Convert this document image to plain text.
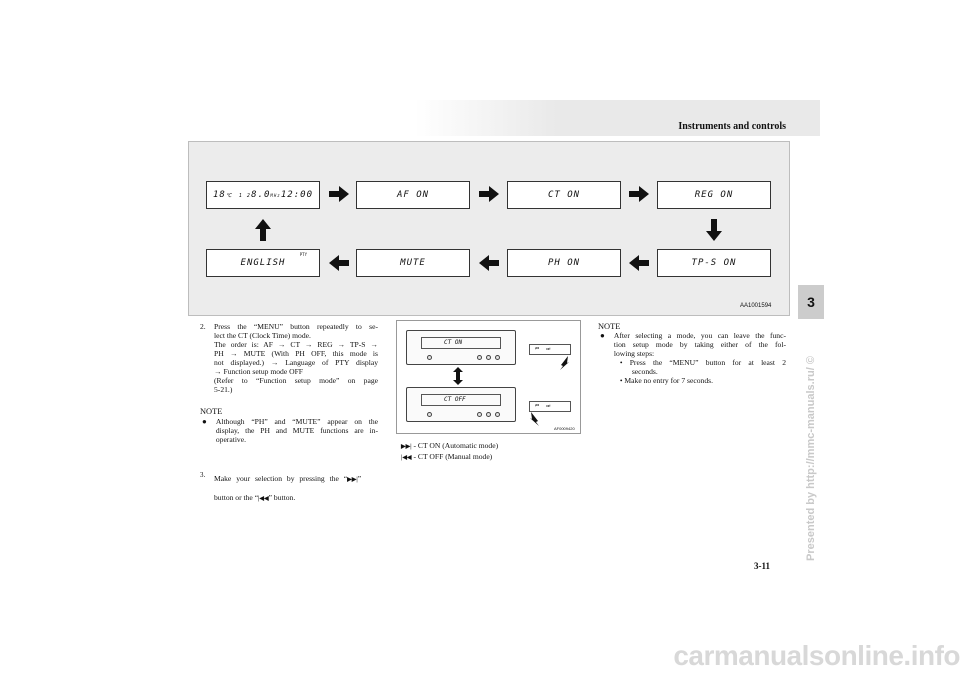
Instruments and controls
18℃ 1 2 8.0MHz 12:00	AF ON	CT ON	REG ON
ENGLISH
PTY
MUTE	PH ON	TP-S ON
AA1001594	3
Presented by http://mmc-manuals.ru/ ©
2.	Press the “MENU” button repeatedly to se-
lect the CT (Clock Time) mode.
The order is: AF → CT → REG → TP-S →
PH → MUTE (With PH OFF, this mode is
not displayed.) → Language of PTY display
→ Function setup mode OFF
(Refer to “Function setup mode” on page
5-21.)
NOTE
●	Although “PH” and “MUTE” appear on the
display, the PH and MUTE functions are in-
operative.
3.	Make your selection by pressing the “▶▶|”
button or the “|◀◀” button.
CT ON
CT OFF
⏮ ⏭
⏮ ⏭
AF0009420
▶▶| - CT ON (Automatic mode)
|◀◀ - CT OFF (Manual mode)
NOTE
●	After selecting a mode, you can leave the func-
tion setup mode by taking either of the fol-
lowing steps:
• Press the “MENU” button for at least 2
seconds.
• Make no entry for 7 seconds.
3-11
carmanualsonline.info
